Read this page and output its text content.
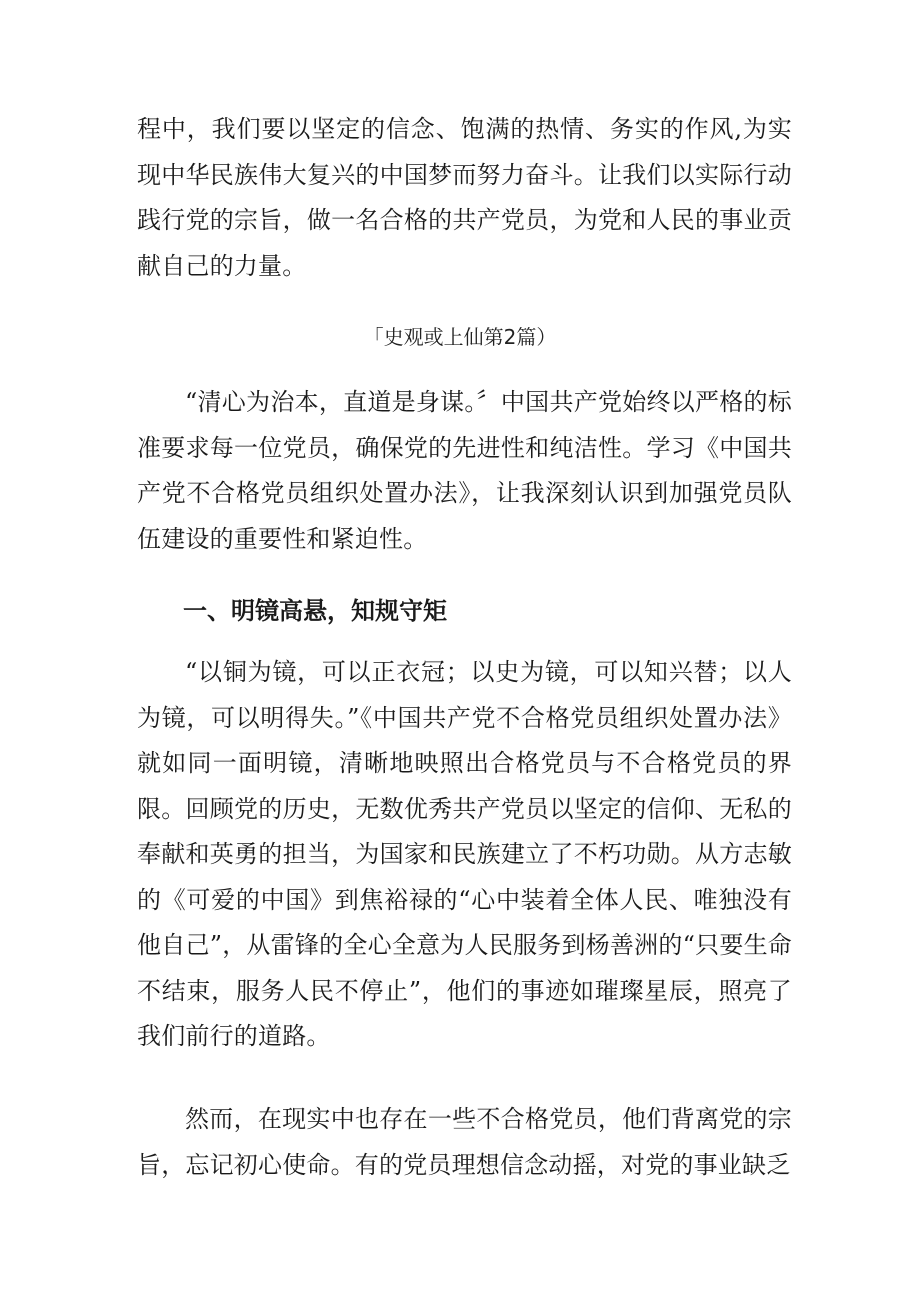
程中，我们要以坚定的信念、饱满的热情、务实的作风,为实现中华民族伟大复兴的中国梦而努力奋斗。让我们以实际行动践行党的宗旨，做一名合格的共产党员，为党和人民的事业贡献自己的力量。

「史观或上仙第2篇）

“清心为治本，直道是身谋。〞中国共产党始终以严格的标准要求每一位党员，确保党的先进性和纯洁性。学习《中国共产党不合格党员组织处置办法》，让我深刻认识到加强党员队伍建设的重要性和紧迫性。

一、明镜高悬，知规守矩

“以铜为镜，可以正衣冠；以史为镜，可以知兴替；以人为镜，可以明得失。”《中国共产党不合格党员组织处置办法》就如同一面明镜，清晰地映照出合格党员与不合格党员的界限。回顾党的历史，无数优秀共产党员以坚定的信仰、无私的奉献和英勇的担当，为国家和民族建立了不朽功勋。从方志敏的《可爱的中国》到焦裕禄的“心中装着全体人民、唯独没有他自己”，从雷锋的全心全意为人民服务到杨善洲的“只要生命不结束，服务人民不停止”，他们的事迹如璀璨星辰，照亮了我们前行的道路。

然而，在现实中也存在一些不合格党员，他们背离党的宗旨，忘记初心使命。有的党员理想信念动摇，对党的事业缺乏
